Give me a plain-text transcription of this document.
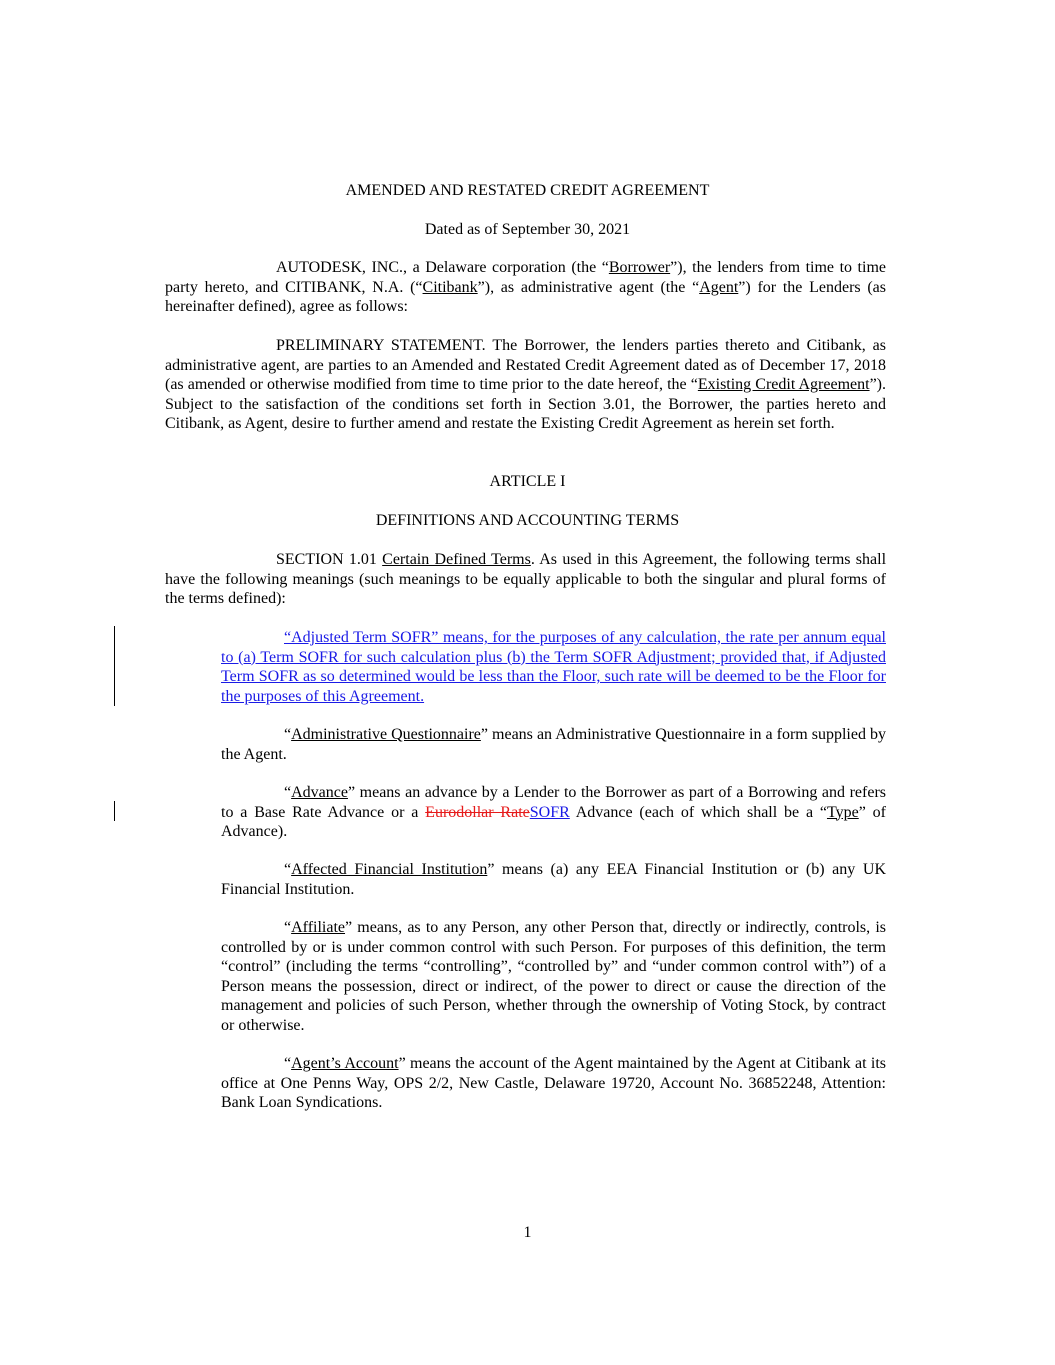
AMENDED AND RESTATED CREDIT AGREEMENT
Dated as of September 30, 2021

AUTODESK, INC., a Delaware corporation (the “Borrower”), the lenders from time to time party hereto, and CITIBANK, N.A. (“Citibank”), as administrative agent (the “Agent”) for the Lenders (as hereinafter defined), agree as follows:

PRELIMINARY STATEMENT. The Borrower, the lenders parties thereto and Citibank, as administrative agent, are parties to an Amended and Restated Credit Agreement dated as of December 17, 2018 (as amended or otherwise modified from time to time prior to the date hereof, the “Existing Credit Agreement”). Subject to the satisfaction of the conditions set forth in Section 3.01, the Borrower, the parties hereto and Citibank, as Agent, desire to further amend and restate the Existing Credit Agreement as herein set forth.

ARTICLE I
DEFINITIONS AND ACCOUNTING TERMS

SECTION 1.01 Certain Defined Terms. As used in this Agreement, the following terms shall have the following meanings (such meanings to be equally applicable to both the singular and plural forms of the terms defined):

“Adjusted Term SOFR” means, for the purposes of any calculation, the rate per annum equal to (a) Term SOFR for such calculation plus (b) the Term SOFR Adjustment; provided that, if Adjusted Term SOFR as so determined would be less than the Floor, such rate will be deemed to be the Floor for the purposes of this Agreement.

“Administrative Questionnaire” means an Administrative Questionnaire in a form supplied by the Agent.

“Advance” means an advance by a Lender to the Borrower as part of a Borrowing and refers to a Base Rate Advance or a Eurodollar RateSOFR Advance (each of which shall be a “Type” of Advance).

“Affected Financial Institution” means (a) any EEA Financial Institution or (b) any UK Financial Institution.

“Affiliate” means, as to any Person, any other Person that, directly or indirectly, controls, is controlled by or is under common control with such Person. For purposes of this definition, the term “control” (including the terms “controlling”, “controlled by” and “under common control with”) of a Person means the possession, direct or indirect, of the power to direct or cause the direction of the management and policies of such Person, whether through the ownership of Voting Stock, by contract or otherwise.

“Agent’s Account” means the account of the Agent maintained by the Agent at Citibank at its office at One Penns Way, OPS 2/2, New Castle, Delaware 19720, Account No. 36852248, Attention: Bank Loan Syndications.

1
